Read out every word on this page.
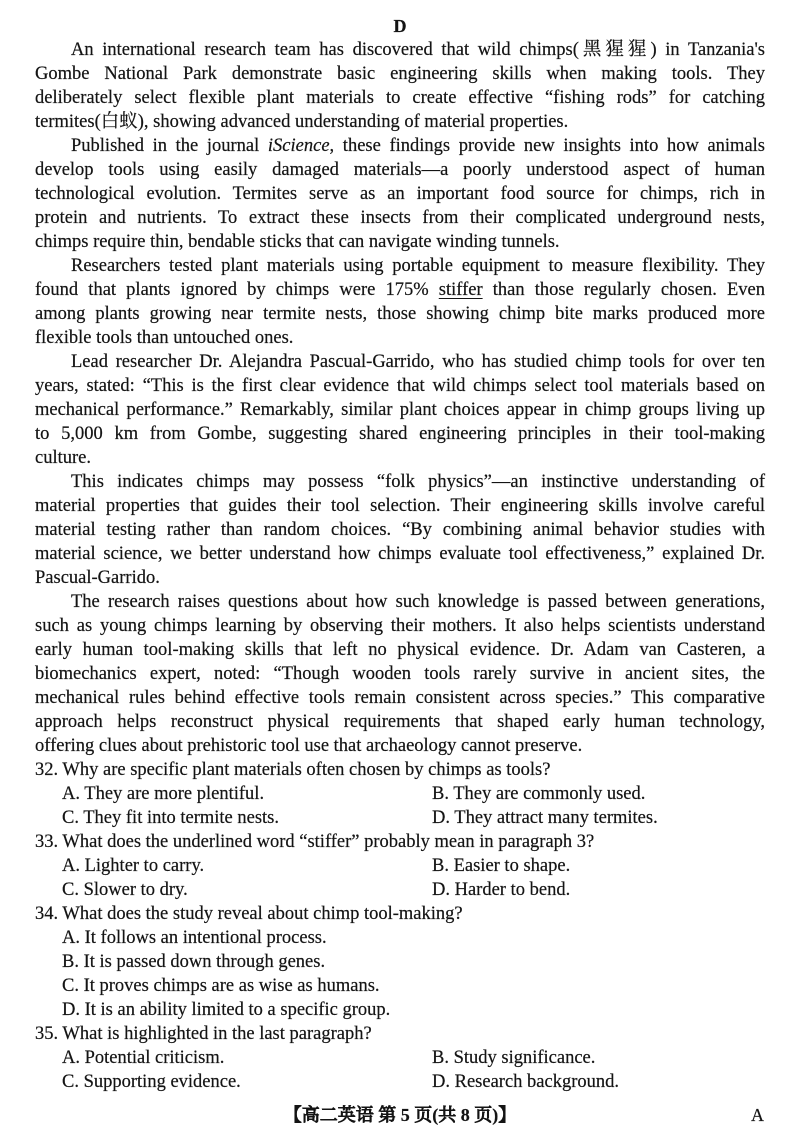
D
An international research team has discovered that wild chimps(黑猩猩) in Tanzania's
Gombe National Park demonstrate basic engineering skills when making tools. They
deliberately select flexible plant materials to create effective “fishing rods” for catching
termites(白蚁), showing advanced understanding of material properties.
Published in the journal iScience, these findings provide new insights into how animals
develop tools using easily damaged materials—a poorly understood aspect of human
technological evolution. Termites serve as an important food source for chimps, rich in
protein and nutrients. To extract these insects from their complicated underground nests,
chimps require thin, bendable sticks that can navigate winding tunnels.
Researchers tested plant materials using portable equipment to measure flexibility. They
found that plants ignored by chimps were 175% stiffer than those regularly chosen. Even
among plants growing near termite nests, those showing chimp bite marks produced more
flexible tools than untouched ones.
Lead researcher Dr. Alejandra Pascual-Garrido, who has studied chimp tools for over ten
years, stated: “This is the first clear evidence that wild chimps select tool materials based on
mechanical performance.” Remarkably, similar plant choices appear in chimp groups living up
to 5,000 km from Gombe, suggesting shared engineering principles in their tool-making
culture.
This indicates chimps may possess “folk physics”—an instinctive understanding of
material properties that guides their tool selection. Their engineering skills involve careful
material testing rather than random choices. “By combining animal behavior studies with
material science, we better understand how chimps evaluate tool effectiveness,” explained Dr.
Pascual-Garrido.
The research raises questions about how such knowledge is passed between generations,
such as young chimps learning by observing their mothers. It also helps scientists understand
early human tool-making skills that left no physical evidence. Dr. Adam van Casteren, a
biomechanics expert, noted: “Though wooden tools rarely survive in ancient sites, the
mechanical rules behind effective tools remain consistent across species.” This comparative
approach helps reconstruct physical requirements that shaped early human technology,
offering clues about prehistoric tool use that archaeology cannot preserve.
32. Why are specific plant materials often chosen by chimps as tools?
A. They are more plentiful.	B. They are commonly used.
C. They fit into termite nests.	D. They attract many termites.
33. What does the underlined word “stiffer” probably mean in paragraph 3?
A. Lighter to carry.	B. Easier to shape.
C. Slower to dry.	D. Harder to bend.
34. What does the study reveal about chimp tool-making?
A. It follows an intentional process.
B. It is passed down through genes.
C. It proves chimps are as wise as humans.
D. It is an ability limited to a specific group.
35. What is highlighted in the last paragraph?
A. Potential criticism.	B. Study significance.
C. Supporting evidence.	D. Research background.
【高二英语 第 5 页(共 8 页)】	A
